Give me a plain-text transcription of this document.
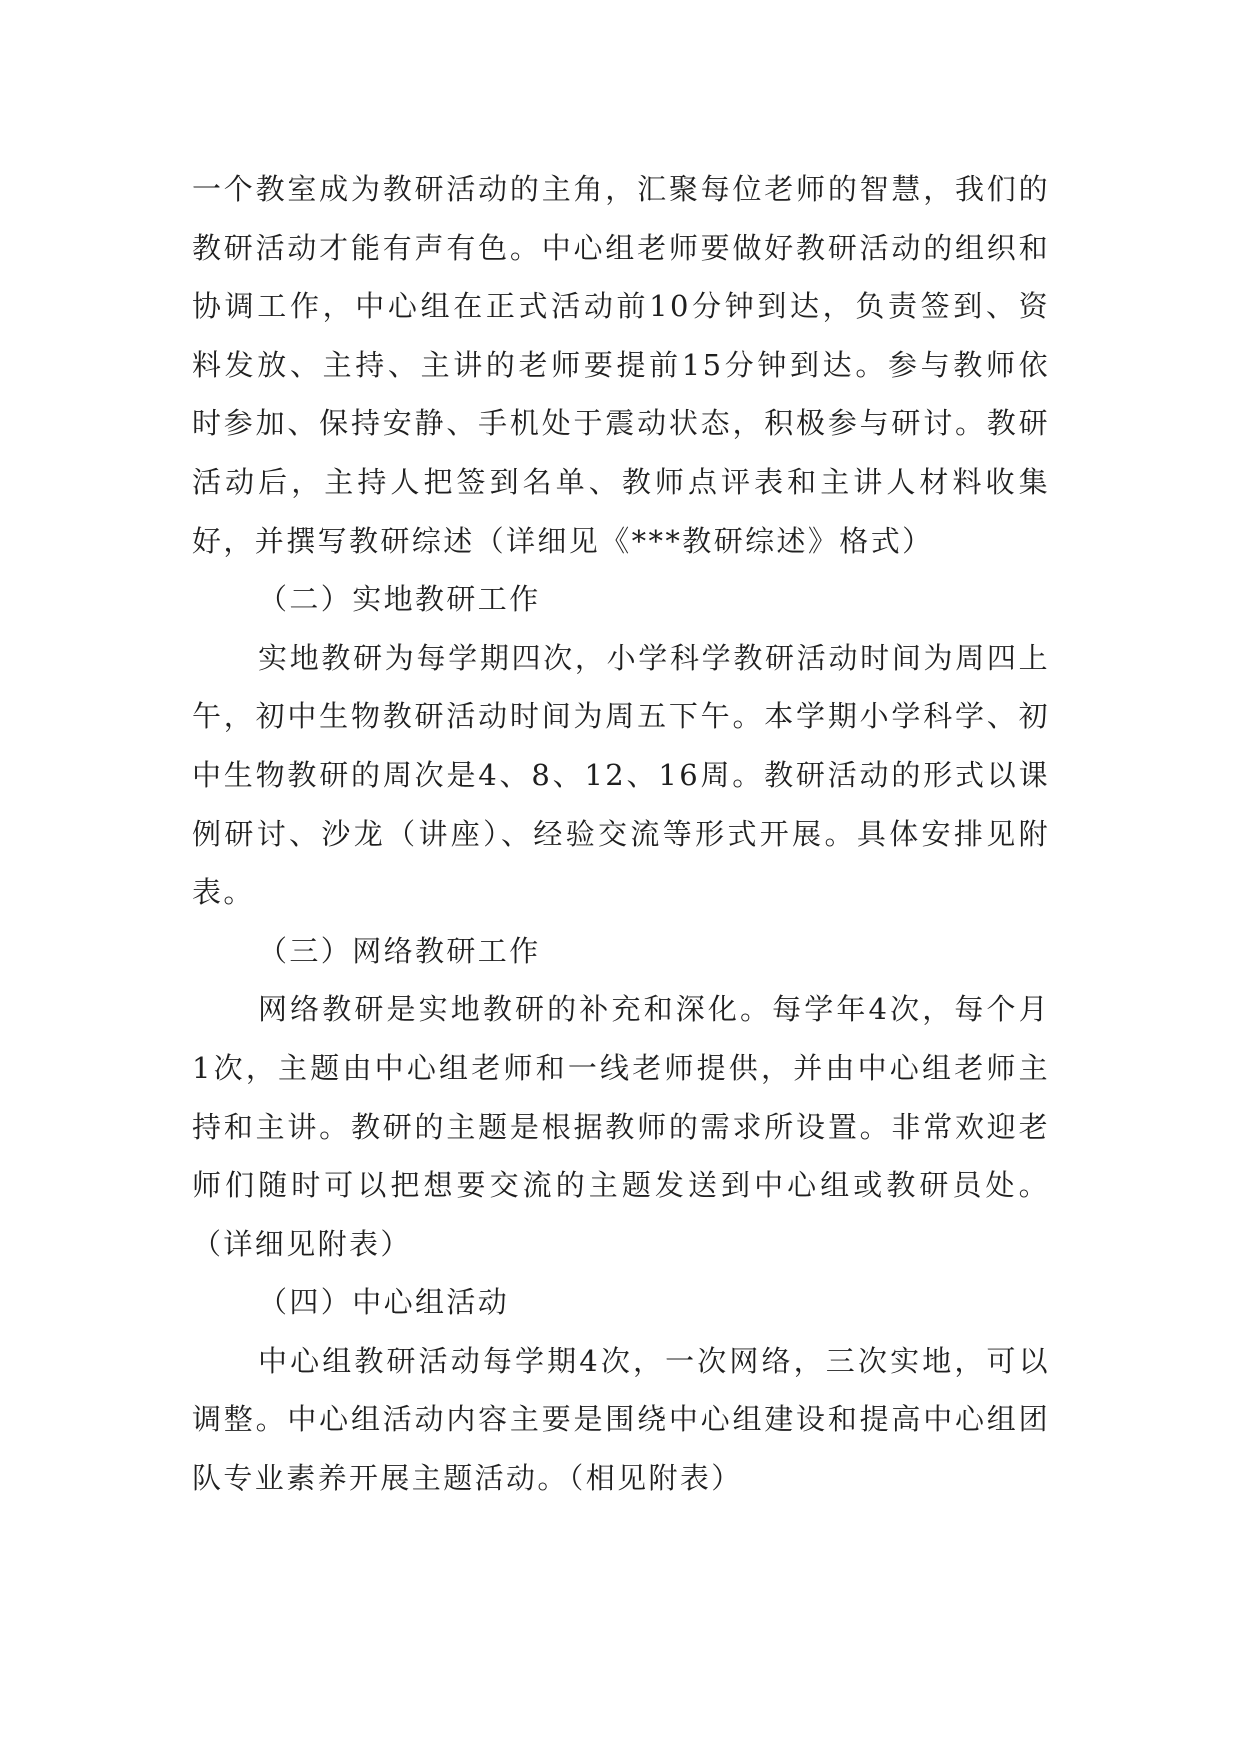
一个教室成为教研活动的主角，汇聚每位老师的智慧，我们的教研活动才能有声有色。中心组老师要做好教研活动的组织和协调工作，中心组在正式活动前10分钟到达，负责签到、资料发放、主持、主讲的老师要提前15分钟到达。参与教师依时参加、保持安静、手机处于震动状态，积极参与研讨。教研活动后，主持人把签到名单、教师点评表和主讲人材料收集好，并撰写教研综述（详细见《***教研综述》格式）

（二）实地教研工作

实地教研为每学期四次，小学科学教研活动时间为周四上午，初中生物教研活动时间为周五下午。本学期小学科学、初中生物教研的周次是4、8、12、16周。教研活动的形式以课例研讨、沙龙（讲座）、经验交流等形式开展。具体安排见附表。

（三）网络教研工作

网络教研是实地教研的补充和深化。每学年4次，每个月1次，主题由中心组老师和一线老师提供，并由中心组老师主持和主讲。教研的主题是根据教师的需求所设置。非常欢迎老师们随时可以把想要交流的主题发送到中心组或教研员处。（详细见附表）

（四）中心组活动

中心组教研活动每学期4次，一次网络，三次实地，可以调整。中心组活动内容主要是围绕中心组建设和提高中心组团队专业素养开展主题活动。（相见附表）
